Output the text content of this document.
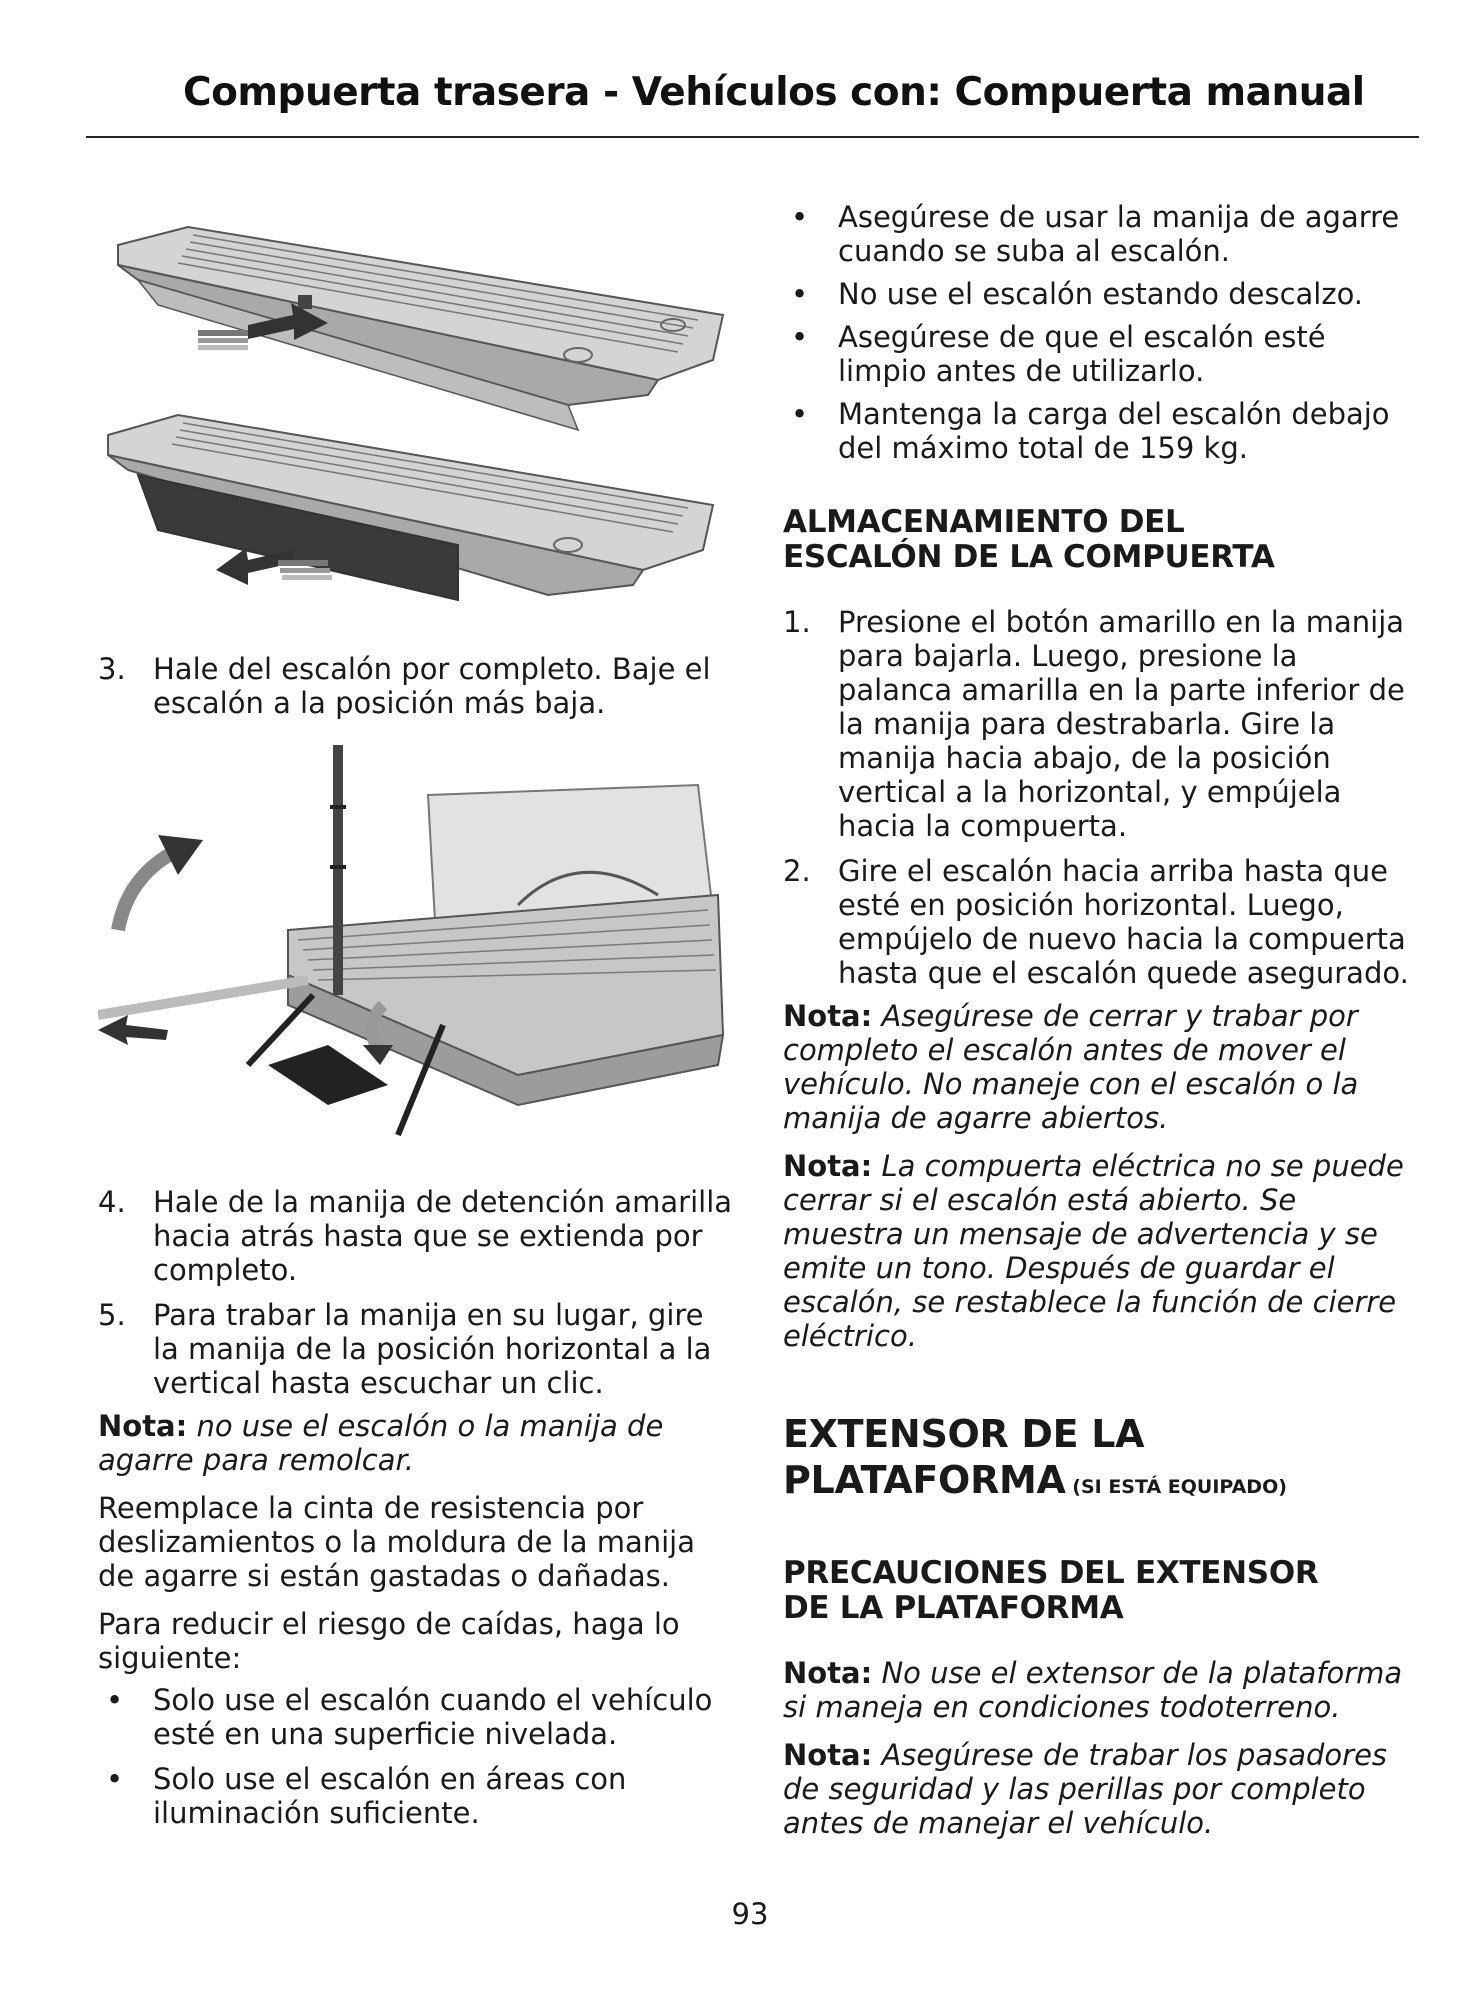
Compuerta trasera - Vehículos con: Compuerta manual
3. Hale del escalón por completo. Baje el escalón a la posición más baja.
4. Hale de la manija de detención amarilla hacia atrás hasta que se extienda por completo.
5. Para trabar la manija en su lugar, gire la manija de la posición horizontal a la vertical hasta escuchar un clic.
Nota: no use el escalón o la manija de agarre para remolcar.
Reemplace la cinta de resistencia por deslizamientos o la moldura de la manija de agarre si están gastadas o dañadas.
Para reducir el riesgo de caídas, haga lo siguiente:
• Solo use el escalón cuando el vehículo esté en una superficie nivelada.
• Solo use el escalón en áreas con iluminación suficiente.
• Asegúrese de usar la manija de agarre cuando se suba al escalón.
• No use el escalón estando descalzo.
• Asegúrese de que el escalón esté limpio antes de utilizarlo.
• Mantenga la carga del escalón debajo del máximo total de 159 kg.
ALMACENAMIENTO DEL
ESCALÓN DE LA COMPUERTA
1. Presione el botón amarillo en la manija para bajarla. Luego, presione la palanca amarilla en la parte inferior de la manija para destrabarla. Gire la manija hacia abajo, de la posición vertical a la horizontal, y empújela hacia la compuerta.
2. Gire el escalón hacia arriba hasta que esté en posición horizontal. Luego, empújelo de nuevo hacia la compuerta hasta que el escalón quede asegurado.
Nota: Asegúrese de cerrar y trabar por completo el escalón antes de mover el vehículo. No maneje con el escalón o la manija de agarre abiertos.
Nota: La compuerta eléctrica no se puede cerrar si el escalón está abierto. Se muestra un mensaje de advertencia y se emite un tono. Después de guardar el escalón, se restablece la función de cierre eléctrico.
EXTENSOR DE LA
PLATAFORMA (SI ESTÁ EQUIPADO)
PRECAUCIONES DEL EXTENSOR
DE LA PLATAFORMA
Nota: No use el extensor de la plataforma si maneja en condiciones todoterreno.
Nota: Asegúrese de trabar los pasadores de seguridad y las perillas por completo antes de manejar el vehículo.
93
